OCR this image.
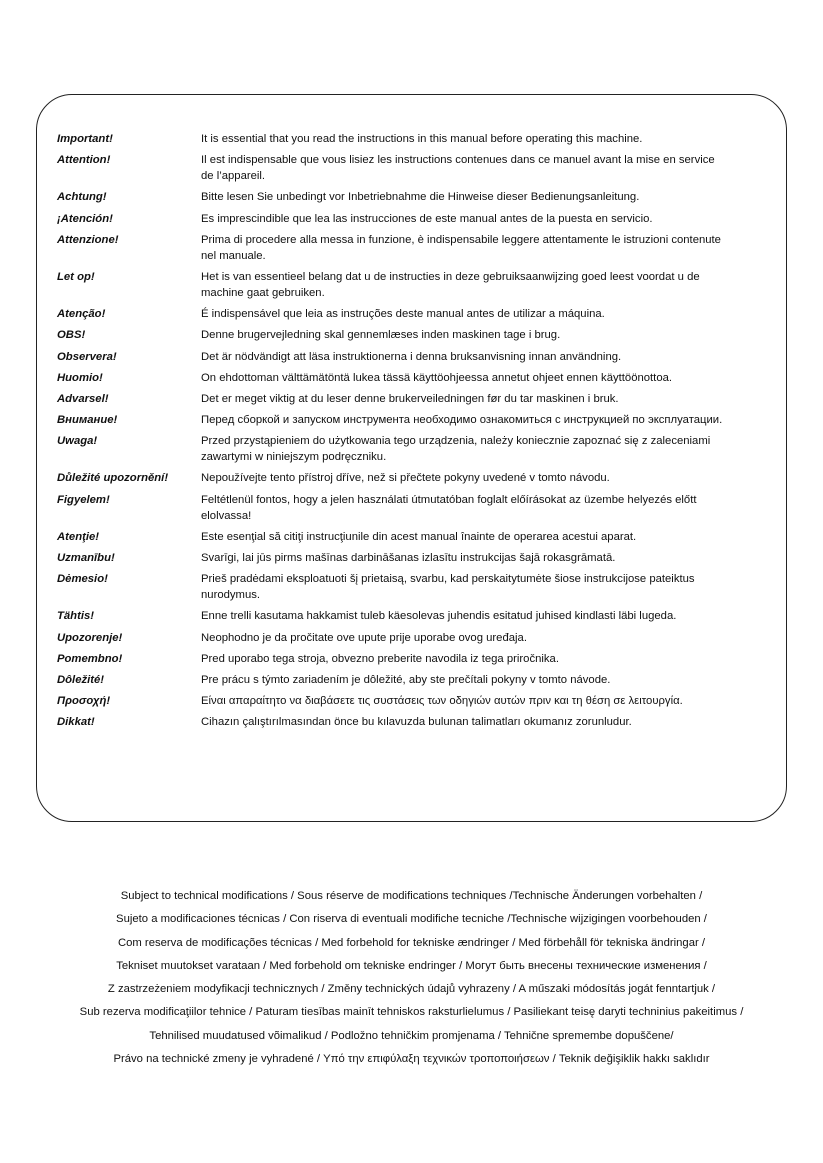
Important!	It is essential that you read the instructions in this manual before operating this machine.
Attention!	Il est indispensable que vous lisiez les instructions contenues dans ce manuel avant la mise en service
de l’appareil.
Achtung!	Bitte lesen Sie unbedingt vor Inbetriebnahme die Hinweise dieser Bedienungsanleitung.
¡Atención!	Es imprescindible que lea las instrucciones de este manual antes de la puesta en servicio.
Attenzione!	Prima di procedere alla messa in funzione, è indispensabile leggere attentamente le istruzioni contenute
nel manuale.
Let op!	Het is van essentieel belang dat u de instructies in deze gebruiksaanwijzing goed leest voordat u de
machine gaat gebruiken.
Atenção!	É indispensável que leia as instruções deste manual antes de utilizar a máquina.
OBS!	Denne brugervejledning skal gennemlæses inden maskinen tage i brug.
Observera!	Det är nödvändigt att läsa instruktionerna i denna bruksanvisning innan användning.
Huomio!	On ehdottoman välttämätöntä lukea tässä käyttöohjeessa annetut ohjeet ennen käyttöönottoa.
Advarsel!	Det er meget viktig at du leser denne brukerveiledningen før du tar maskinen i bruk.
Внимание!	Перед сборкой и запуском инструмента необходимо ознакомиться с инструкцией по эксплуатации.
Uwaga!	Przed przystąpieniem do użytkowania tego urządzenia, należy koniecznie zapoznać się z zaleceniami
zawartymi w niniejszym podręczniku.
Důležité upozornění!	Nepoužívejte tento přístroj dříve, než si přečtete pokyny uvedené v tomto návodu.
Figyelem!	Feltétlenül fontos, hogy a jelen használati útmutatóban foglalt előírásokat az üzembe helyezés előtt
elolvassa!
Atenţie!	Este esenţial să citiţi instrucţiunile din acest manual înainte de operarea acestui aparat.
Uzmanību!	Svarīgi, lai jūs pirms mašīnas darbināšanas izlasītu instrukcijas šajā rokasgrāmatā.
Dėmesio!	Prieš pradėdami eksploatuoti šį prietaisą, svarbu, kad perskaitytumėte šiose instrukcijose pateiktus
nurodymus.
Tähtis!	Enne trelli kasutama hakkamist tuleb käesolevas juhendis esitatud juhised kindlasti läbi lugeda.
Upozorenje!	Neophodno je da pročitate ove upute prije uporabe ovog uređaja.
Pomembno!	Pred uporabo tega stroja, obvezno preberite navodila iz tega priročnika.
Dôležité!	Pre prácu s týmto zariadením je dôležité, aby ste prečítali pokyny v tomto návode.
Προσοχή!	Είναι απαραίτητο να διαβάσετε τις συστάσεις των οδηγιών αυτών πριν και τη θέση σε λειτουργία.
Dikkat!	Cihazın çalıştırılmasından önce bu kılavuzda bulunan talimatları okumanız zorunludur.
Subject to technical modifications / Sous réserve de modifications techniques /Technische Änderungen vorbehalten /
Sujeto a modificaciones técnicas / Con riserva di eventuali modifiche tecniche /Technische wijzigingen voorbehouden /
Com reserva de modificações técnicas / Med forbehold for tekniske ændringer / Med förbehåll för tekniska ändringar /
Tekniset muutokset varataan / Med forbehold om tekniske endringer / Могут быть внесены технические изменения /
Z zastrzeżeniem modyfikacji technicznych / Změny technických údajů vyhrazeny / A műszaki módosítás jogát fenntartjuk /
Sub rezerva modificaţiilor tehnice / Paturam tiesības mainīt tehniskos raksturlielumus / Pasiliekant teisę daryti techninius pakeitimus /
Tehnilised muudatused võimalikud / Podložno tehničkim promjenama / Tehnične spremembe dopuščene/
Právo na technické zmeny je vyhradené / Υπό την επιφύλαξη τεχνικών τροποποιήσεων / Teknik değişiklik hakkı saklıdır
